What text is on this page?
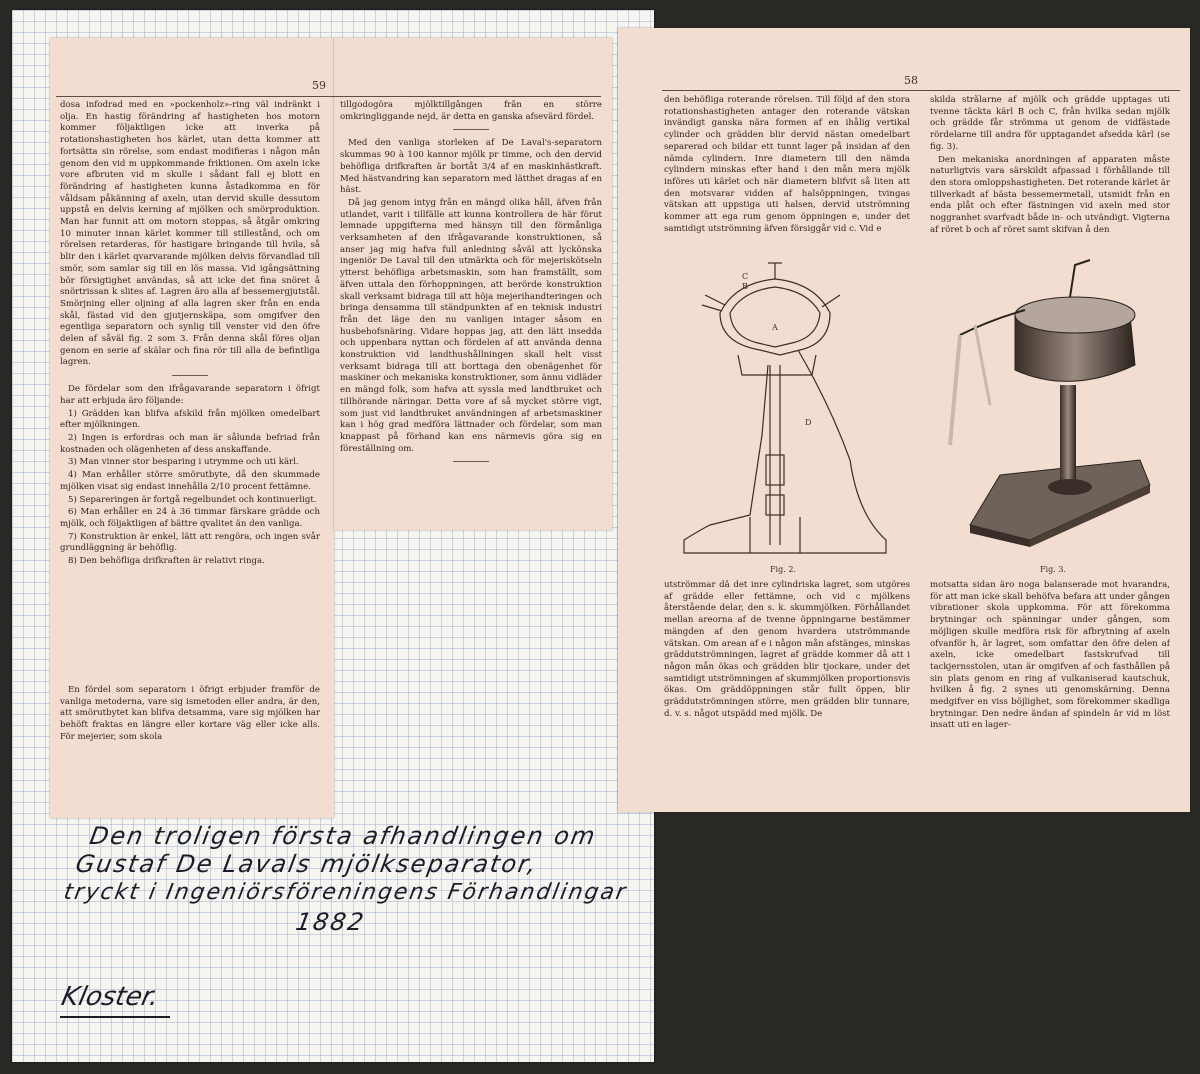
59

dosa infodrad med en »pockenholz»-ring väl indränkt i olja. En hastig förändring af hastigheten hos motorn kommer följaktligen icke att inverka på rotationshastigheten hos kärlet, utan detta kommer att fortsätta sin rörelse, som endast modifieras i någon mån genom den vid m uppkommande friktionen. Om axeln icke vore afbruten vid m skulle i sådant fall ej blott en förändring af hastigheten kunna åstadkomma en för våldsam påkänning af axeln, utan dervid skulle dessutom uppstå en delvis kerning af mjölken och smörproduktion. Man har funnit att om motorn stoppas, så åtgår omkring 10 minuter innan kärlet kommer till stillestånd, och om rörelsen retarderas, för hastigare bringande till hvila, så blir den i kärlet qvarvarande mjölken delvis förvandlad till smör, som samlar sig till en lös massa. Vid igångsättning bör försigtighet användas, så att icke det fina snöret å snörtrissan k slites af. Lagren äro alla af bessemergjutstål. Smörjning eller oljning af alla lagren sker från en enda skål, fästad vid den gjutjernskäpa, som omgifver den egentliga separatorn och synlig till venster vid den öfre delen af såväl fig. 2 som 3. Från denna skål föres oljan genom en serie af skälar och fina rör till alla de befintliga lagren.

De fördelar som den ifrågavarande separatorn i öfrigt har att erbjuda äro följande:

1) Grädden kan blifva afskild från mjölken omedelbart efter mjölkningen.

2) Ingen is erfordras och man är sålunda befriad från kostnaden och olägenheten af dess anskaffande.

3) Man vinner stor besparing i utrymme och uti kärl.

4) Man erhåller större smörutbyte, då den skummade mjölken visat sig endast innehålla 2/10 procent fettämne.

5) Separeringen är fortgå regelbundet och kontinuerligt.

6) Man erhåller en 24 à 36 timmar färskare grädde och mjölk, och följaktligen af bättre qvalitet än den vanliga.

7) Konstruktion är enkel, lätt att rengöra, och ingen svår grundläggning är behöflig.

8) Den behöfliga drifkraften är relativt ringa.

En fördel som separatorn i öfrigt erbjuder framför de vanliga metoderna, vare sig ismetoden eller andra, är den, att smörutbytet kan blifva detsamma, vare sig mjölken har behöft fraktas en längre eller kortare väg eller icke alls. För mejerier, som skola

tillgodogöra mjölktillgången från en större omkringliggande nejd, är detta en ganska afsevärd fördel.

Med den vanliga storleken af De Laval's-separatorn skummas 90 à 100 kannor mjölk pr timme, och den dervid behöfliga drifkraften är bortåt 3/4 af en maskinhästkraft. Med hästvandring kan separatorn med lätthet dragas af en häst.

Då jag genom intyg från en mängd olika håll, äfven från utlandet, varit i tillfälle att kunna kontrollera de här förut lemnade uppgifterna med hänsyn till den förmånliga verksamheten af den ifrågavarande konstruktionen, så anser jag mig hafva full anledning såväl att lyckönska ingeniör De Laval till den utmärkta och för mejeriskötseln ytterst behöfliga arbetsmaskin, som han framställt, som äfven uttala den förhoppningen, att berörde konstruktion skall verksamt bidraga till att höja mejerihandteringen och bringa densamma till ständpunkten af en teknisk industri från det läge den nu vanligen intager såsom en husbehofsnäring. Vidare hoppas jag, att den lätt insedda och uppenbara nyttan och fördelen af att använda denna konstruktion vid landthushållningen skall helt visst verksamt bidraga till att borttaga den obenägenhet för maskiner och mekaniska konstruktioner, som ännu vidläder en mängd folk, som hafva att syssla med landtbruket och tillhörande näringar. Detta vore af så mycket större vigt, som just vid landtbruket användningen af arbetsmaskiner kan i hög grad medföra lättnader och fördelar, som man knappast på förhand kan ens närmevis göra sig en föreställning om.

58

den behöfliga roterande rörelsen. Till följd af den stora rotationshastigheten antager den roterande vätskan invändigt ganska nära formen af en ihålig vertikal cylinder och grädden blir dervid nästan omedelbart separerad och bildar ett tunnt lager på insidan af den nämda cylindern. Inre diametern till den nämda cylindern minskas efter hand i den mån mera mjölk införes uti kärlet och när diametern blifvit så liten att den motsvarar vidden af halsöppningen, tvingas vätskan att uppstiga uti halsen, dervid utströmning kommer att ega rum genom öppningen e, under det samtidigt utströmning äfven försiggår vid c. Vid e

skilda strålarne af mjölk och grädde upptagas uti tvenne täckta kärl B och C, från hvilka sedan mjölk och grädde får strömma ut genom de vidfästade rördelarne till andra för upptagandet afsedda kärl (se fig. 3).

Den mekaniska anordningen af apparaten måste naturligtvis vara särskildt afpassad i förhållande till den stora omloppshastigheten. Det roterande kärlet är tillverkadt af bästa bessemermetall, utsmidt från en enda plåt och efter fästningen vid axeln med stor noggranhet svarfvadt både in- och utvändigt. Vigterna af röret b och af röret samt skifvan å den

C
B
A
D
Fig. 2.	Fig. 3.

utströmmar då det inre cylindriska lagret, som utgöres af grädde eller fettämne, och vid c mjölkens återstående delar, den s. k. skummjölken. Förhållandet mellan areorna af de tvenne öppningarne bestämmer mängden af den genom hvardera utströmmande vätskan. Om arean af e i någon mån afstänges, minskas gräddutströmningen, lagret af grädde kommer då att i någon mån ökas och grädden blir tjockare, under det samtidigt utströmningen af skummjölken proportionsvis ökas. Om gräddöppningen står fullt öppen, blir gräddutströmningen större, men grädden blir tunnare, d. v. s. något utspädd med mjölk. De

motsatta sidan äro noga balanserade mot hvarandra, för att man icke skall behöfva befara att under gången vibrationer skola uppkomma. För att förekomma brytningar och spänningar under gången, som möjligen skulle medföra risk för afbrytning af axeln ofvanför h, är lagret, som omfattar den öfre delen af axeln, icke omedelbart fastskrufvad till tackjernsstolen, utan är omgifven af och fasthållen på sin plats genom en ring af vulkaniserad kautschuk, hvilken å fig. 2 synes uti genomskärning. Denna medgifver en viss böjlighet, som förekommer skadliga brytningar. Den nedre ändan af spindeln är vid m löst insatt uti en lager-

Den troligen första afhandlingen om
Gustaf De Lavals mjölkseparator,
tryckt i Ingeniörsföreningens Förhandlingar
1882
Kloster.
